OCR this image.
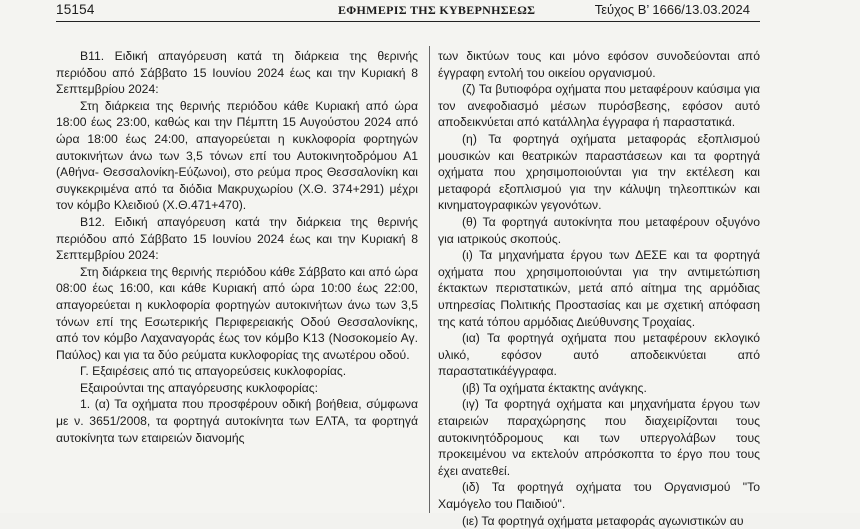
15154	ΕΦΗΜΕΡΙΣ ΤΗΣ ΚΥΒΕΡΝΗΣΕΩΣ	Τεύχος Β’ 1666/13.03.2024

Β11. Ειδική απαγόρευση κατά τη διάρκεια της θερινής περιόδου από Σάββατο 15 Ιουνίου 2024 έως και την Κυριακή 8 Σεπτεμβρίου 2024:

Στη διάρκεια της θερινής περιόδου κάθε Κυριακή από ώρα 18:00 έως 23:00, καθώς και την Πέμπτη 15 Αυγούστου 2024 από ώρα 18:00 έως 24:00, απαγορεύεται η κυκλοφορία φορτηγών αυτοκινήτων άνω των 3,5 τόνων επί του Αυτοκινητοδρόμου Α1 (Αθήνα- Θεσσαλονίκη-Εύζωνοι), στο ρεύμα προς Θεσσαλονίκη και συγκεκριμένα από τα διόδια Μακρυχωρίου (Χ.Θ. 374+291) μέχρι τον κόμβο Κλειδιού (Χ.Θ.471+470).

Β12. Ειδική απαγόρευση κατά την διάρκεια της θερινής περιόδου από Σάββατο 15 Ιουνίου 2024 έως και την Κυριακή 8 Σεπτεμβρίου 2024:

Στη διάρκεια της θερινής περιόδου κάθε Σάββατο και από ώρα 08:00 έως 16:00, και κάθε Κυριακή από ώρα 10:00 έως 22:00, απαγορεύεται η κυκλοφορία φορτηγών αυτοκινήτων άνω των 3,5 τόνων επί της Εσωτερικής Περιφερειακής Οδού Θεσσαλονίκης, από τον κόμβο Λαχαναγοράς έως τον κόμβο Κ13 (Νοσοκομείο Αγ. Παύλος) και για τα δύο ρεύματα κυκλοφορίας της ανωτέρου οδού.

Γ. Εξαιρέσεις από τις απαγορεύσεις κυκλοφορίας.

Εξαιρούνται της απαγόρευσης κυκλοφορίας:

1. (α) Τα οχήματα που προσφέρουν οδική βοήθεια, σύμφωνα με ν. 3651/2008, τα φορτηγά αυτοκίνητα των ΕΛΤΑ, τα φορτηγά αυτοκίνητα των εταιρειών διανομής

των δικτύων τους και μόνο εφόσον συνοδεύονται από έγγραφη εντολή του οικείου οργανισμού.

(ζ) Τα βυτιοφόρα οχήματα που μεταφέρουν καύσιμα για τον ανεφοδιασμό μέσων πυρόσβεσης, εφόσον αυτό αποδεικνύεται από κατάλληλα έγγραφα ή παραστατικά.

(η) Τα φορτηγά οχήματα μεταφοράς εξοπλισμού μουσικών και θεατρικών παραστάσεων και τα φορτηγά οχήματα που χρησιμοποιούνται για την εκτέλεση και μεταφορά εξοπλισμού για την κάλυψη τηλεοπτικών και κινηματογραφικών γεγονότων.

(θ) Τα φορτηγά αυτοκίνητα που μεταφέρουν οξυγόνο για ιατρικούς σκοπούς.

(ι) Τα μηχανήματα έργου των ΔΕΣΕ και τα φορτηγά οχήματα που χρησιμοποιούνται για την αντιμετώπιση έκτακτων περιστατικών, μετά από αίτημα της αρμόδιας υπηρεσίας Πολιτικής Προστασίας και με σχετική απόφαση της κατά τόπου αρμόδιας Διεύθυνσης Τροχαίας.

(ια) Τα φορτηγά οχήματα που μεταφέρουν εκλογικό υλικό, εφόσον αυτό αποδεικνύεται από παραστατικάέγγραφα.

(ιβ) Τα οχήματα έκτακτης ανάγκης.

(ιγ) Τα φορτηγά οχήματα και μηχανήματα έργου των εταιρειών παραχώρησης που διαχειρίζονται τους αυτοκινητόδρομους και των υπεργολάβων τους προκειμένου να εκτελούν απρόσκοπτα το έργο που τους έχει ανατεθεί.

(ιδ) Τα φορτηγά οχήματα του Οργανισμού "Το Χαμόγελο του Παιδιού".

(ιε) Τα φορτηγά οχήματα μεταφοράς αγωνιστικών αυ
